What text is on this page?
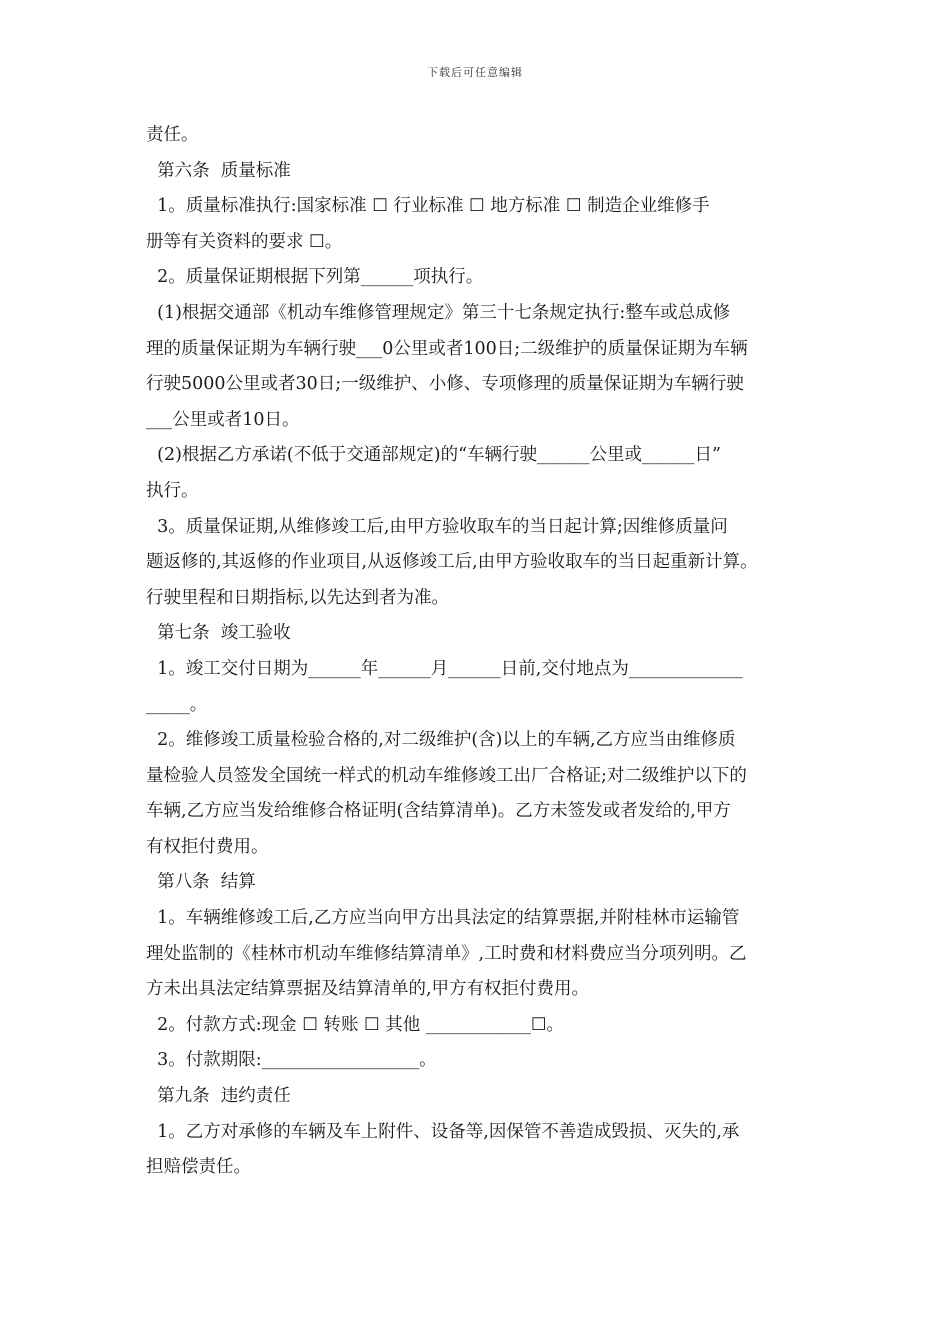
下载后可任意编辑
责任。
第六条  质量标准
1。质量标准执行:国家标准 ☐ 行业标准 ☐ 地方标准 ☐ 制造企业维修手
册等有关资料的要求 ☐。
2。质量保证期根据下列第______项执行。
(1)根据交通部《机动车维修管理规定》第三十七条规定执行:整车或总成修
理的质量保证期为车辆行驶___0公里或者100日;二级维护的质量保证期为车辆
行驶5000公里或者30日;一级维护、小修、专项修理的质量保证期为车辆行驶
___公里或者10日。
(2)根据乙方承诺(不低于交通部规定)的“车辆行驶______公里或______日”
执行。
3。质量保证期,从维修竣工后,由甲方验收取车的当日起计算;因维修质量问
题返修的,其返修的作业项目,从返修竣工后,由甲方验收取车的当日起重新计算。
行驶里程和日期指标,以先达到者为准。
第七条  竣工验收
1。竣工交付日期为______年______月______日前,交付地点为_____________
_____。
2。维修竣工质量检验合格的,对二级维护(含)以上的车辆,乙方应当由维修质
量检验人员签发全国统一样式的机动车维修竣工出厂合格证;对二级维护以下的
车辆,乙方应当发给维修合格证明(含结算清单)。乙方未签发或者发给的,甲方
有权拒付费用。
第八条  结算
1。车辆维修竣工后,乙方应当向甲方出具法定的结算票据,并附桂林市运输管
理处监制的《桂林市机动车维修结算清单》,工时费和材料费应当分项列明。乙
方未出具法定结算票据及结算清单的,甲方有权拒付费用。
2。付款方式:现金 ☐ 转账 ☐ 其他 ____________☐。
3。付款期限:__________________。
第九条  违约责任
1。乙方对承修的车辆及车上附件、设备等,因保管不善造成毁损、灭失的,承
担赔偿责任。
